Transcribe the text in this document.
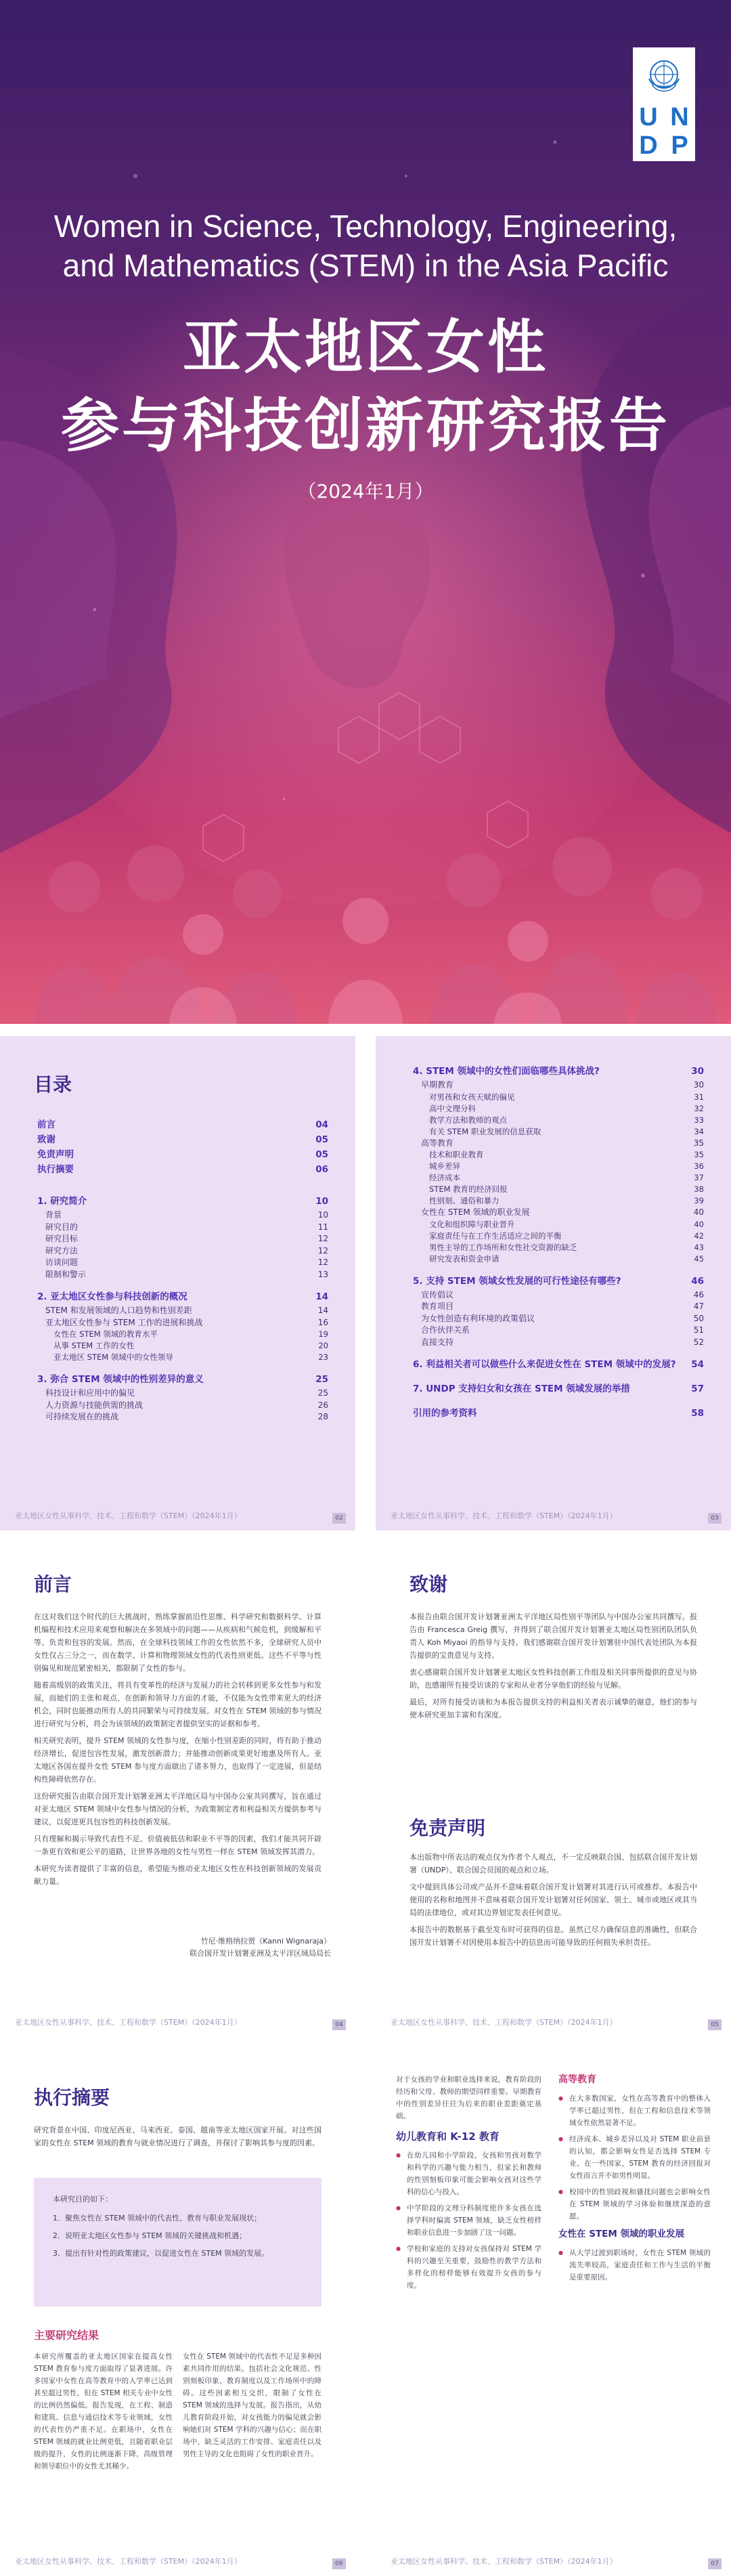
U N
D P
Women in Science, Technology, Engineering,
and Mathematics (STEM) in the Asia Pacific
亚太地区女性
参与科技创新研究报告
（2024年1月）
目录
前言	04
致谢	05
免责声明	05
执行摘要	06
1. 研究简介	10
背景	10
研究目的	11
研究目标	12
研究方法	12
访谈问题	12
限制和警示	13
2. 亚太地区女性参与科技创新的概况	14
STEM 和发展领域的人口趋势和性别差距	14
亚太地区女性参与 STEM 工作的进展和挑战	16
女性在 STEM 领域的教育水平	19
从事 STEM 工作的女性	20
亚太地区 STEM 领域中的女性领导	23
3. 弥合 STEM 领域中的性别差异的意义	25
科技设计和应用中的偏见	25
人力资源与技能供需的挑战	26
可持续发展在的挑战	28
亚太地区女性从事科学、技术、工程和数学（STEM）（2024年1月）	02
4. STEM 领域中的女性们面临哪些具体挑战?	30
早期教育	30
对男孩和女孩天赋的偏见	31
高中文理分科	32
教学方法和教师的观点	33
有关 STEM 职业发展的信息获取	34
高等教育	35
技术和职业教育	35
城乡差异	36
经济成本	37
STEM 教育的经济回报	38
性别刻、通俗和暴力	39
女性在 STEM 领域的职业发展	40
文化和组织障与职业晋升	40
家庭责任与在工作生活适应之间的平衡	42
男性主导的工作场所和女性社交资源的缺乏	43
研究发表和资金申请	45
5. 支持 STEM 领域女性发展的可行性途径有哪些?	46
宣传倡议	46
教育项目	47
为女性创造有利环境的政策倡议	50
合作伙伴关系	51
直接支持	52
6. 利益相关者可以做些什么来促进女性在 STEM 领域中的发展? 54
7. UNDP 支持妇女和女孩在 STEM 领域发展的举措	57
引用的参考资料	58
亚太地区女性从事科学、技术、工程和数学（STEM）（2024年1月）	03
前言

在这对我们这个时代的巨大挑战时，熟练掌握前沿性思维、科学研究和数据科学、计算机编程和技术应用来观察和解决在多领域中的问题——从疾病和气候危机，到缓解和平等、负责和包容的发展。然而，在全球科技领域工作的女性依然不多，全球研究人员中女性仅占三分之一，而在数学、计算和物理领域女性的代表性则更低。这些不平等与性别偏见和规范紧密相关，都限制了女性的参与。

随着高级别的政策关注，将具有变革性的经济与发展力的社会转移到更多女性参与和发展，而她们的主张和观点、在创新和领导力方面的才能，不仅能为女性带来更大的经济机会，同时也能推动所有人的共同繁荣与可持续发展。对女性在 STEM 领域的参与情况进行研究与分析，将会为该领域的政策制定者提供坚实的证据和参考。

相关研究表明，提升 STEM 领域的女性参与度，在缩小性别差距的同时，将有助于推动经济增长，促进包容性发展，激发创新潜力；并能推动创新成果更好地惠及所有人。亚太地区各国在提升女性 STEM 参与度方面做出了诸多努力，也取得了一定进展，但是结构性障碍依然存在。

这份研究报告由联合国开发计划署亚洲太平洋地区局与中国办公室共同撰写，旨在通过对亚太地区 STEM 领域中女性参与情况的分析，为政策制定者和利益相关方提供参考与建议，以促进更具包容性的科技创新发展。

只有理解和揭示导致代表性不足、价值被低估和职业不平等的因素，我们才能共同开辟一条更有效和更公平的道路，让世界各地的女性与男性一样在 STEM 领域发挥其潜力。

本研究为读者提供了丰富的信息，希望能为推动亚太地区女性在科技创新领域的发展贡献力量。

竹尼·维格纳拉贾（Kanni Wignaraja）
联合国开发计划署亚洲及太平洋区域局局长
亚太地区女性从事科学、技术、工程和数学（STEM）（2024年1月）	04
致谢

本报告由联合国开发计划署亚洲太平洋地区局性别平等团队与中国办公室共同撰写。报告由 Francesca Greig 撰写，并得到了联合国开发计划署亚太地区局性别团队团队负责人 Koh Miyaoi 的指导与支持。我们感谢联合国开发计划署驻中国代表处团队为本报告提供的宝贵意见与支持。

衷心感谢联合国开发计划署亚太地区女性科技创新工作组及相关同事所提供的意见与协助，也感谢所有接受访谈的专家和从业者分享他们的经验与见解。

最后，对所有接受访谈和为本报告提供支持的利益相关者表示诚挚的谢意，他们的参与使本研究更加丰富和有深度。

免责声明

本出版物中所表达的观点仅为作者个人观点，不一定反映联合国、包括联合国开发计划署（UNDP）、联合国会员国的观点和立场。

文中提到具体公司或产品并不意味着联合国开发计划署对其进行认可或推荐。本报告中使用的名称和地图并不意味着联合国开发计划署对任何国家、领土、城市或地区或其当局的法律地位，或对其边界划定发表任何意见。

本报告中的数据基于截至发布时可获得的信息。虽然已尽力确保信息的准确性，但联合国开发计划署不对因使用本报告中的信息而可能导致的任何损失承担责任。

亚太地区女性从事科学、技术、工程和数学（STEM）（2024年1月）	05
执行摘要
研究背景在中国、印度尼西亚、马来西亚、泰国、越南等亚太地区国家开展。对这些国家的女性在 STEM 领域的教育与就业情况进行了调查，并探讨了影响其参与度的因素。
本研究目的如下：
1．聚焦女性在 STEM 领域中的代表性、教育与职业发展现状；
2．说明亚太地区女性参与 STEM 领域的关键挑战和机遇；
3．提出有针对性的政策建议，以促进女性在 STEM 领域的发展。
主要研究结果
本研究所覆盖的亚太地区国家在提高女性 STEM 教育参与度方面取得了显著进展。许多国家中女性在高等教育中的入学率已达到甚至超过男性，但在 STEM 相关专业中女性的比例仍然偏低。报告发现，在工程、制造和建筑、信息与通信技术等专业领域，女性的代表性仍严重不足。在职场中，女性在 STEM 领域的就业比例更低，且随着职业层级的提升，女性的比例逐渐下降，高级管理和领导职位中的女性尤其稀少。
女性在 STEM 领域中的代表性不足是多种因素共同作用的结果。包括社会文化规范、性别刻板印象、教育制度以及工作场所中的障碍。这些因素相互交织，限制了女性在 STEM 领域的选择与发展。报告指出，从幼儿教育阶段开始，对女孩能力的偏见就会影响她们对 STEM 学科的兴趣与信心；而在职场中，缺乏灵活的工作安排、家庭责任以及男性主导的文化也阻碍了女性的职业晋升。
亚太地区女性从事科学、技术、工程和数学（STEM）（2024年1月）	06
对于女孩的学业和职业选择来说，教育阶段的经历和父母、教师的期望同样重要。早期教育中的性别差异往往为后来的职业差距奠定基础。
幼儿教育和 K-12 教育
● 在幼儿园和小学阶段，女孩和男孩对数学和科学的兴趣与能力相当，但家长和教师的性别刻板印象可能会影响女孩对这些学科的信心与投入。
● 中学阶段的文理分科制度使许多女孩在选择学科时偏离 STEM 领域，缺乏女性榜样和职业信息进一步加剧了这一问题。
● 学校和家庭的支持对女孩保持对 STEM 学科的兴趣至关重要，鼓励性的教学方法和多样化的榜样能够有效提升女孩的参与度。
高等教育
● 在大多数国家，女性在高等教育中的整体入学率已超过男性，但在工程和信息技术等领域女性依然显著不足。
● 经济成本、城乡差异以及对 STEM 职业前景的认知，都会影响女性是否选择 STEM 专业。在一些国家，STEM 教育的经济回报对女性而言并不如男性明显。
● 校园中的性别歧视和骚扰问题也会影响女性在 STEM 领域的学习体验和继续深造的意愿。
女性在 STEM 领域的职业发展
● 从大学过渡到职场时，女性在 STEM 领域的流失率较高，家庭责任和工作与生活的平衡是重要原因。
亚太地区女性从事科学、技术、工程和数学（STEM）（2024年1月）	07
